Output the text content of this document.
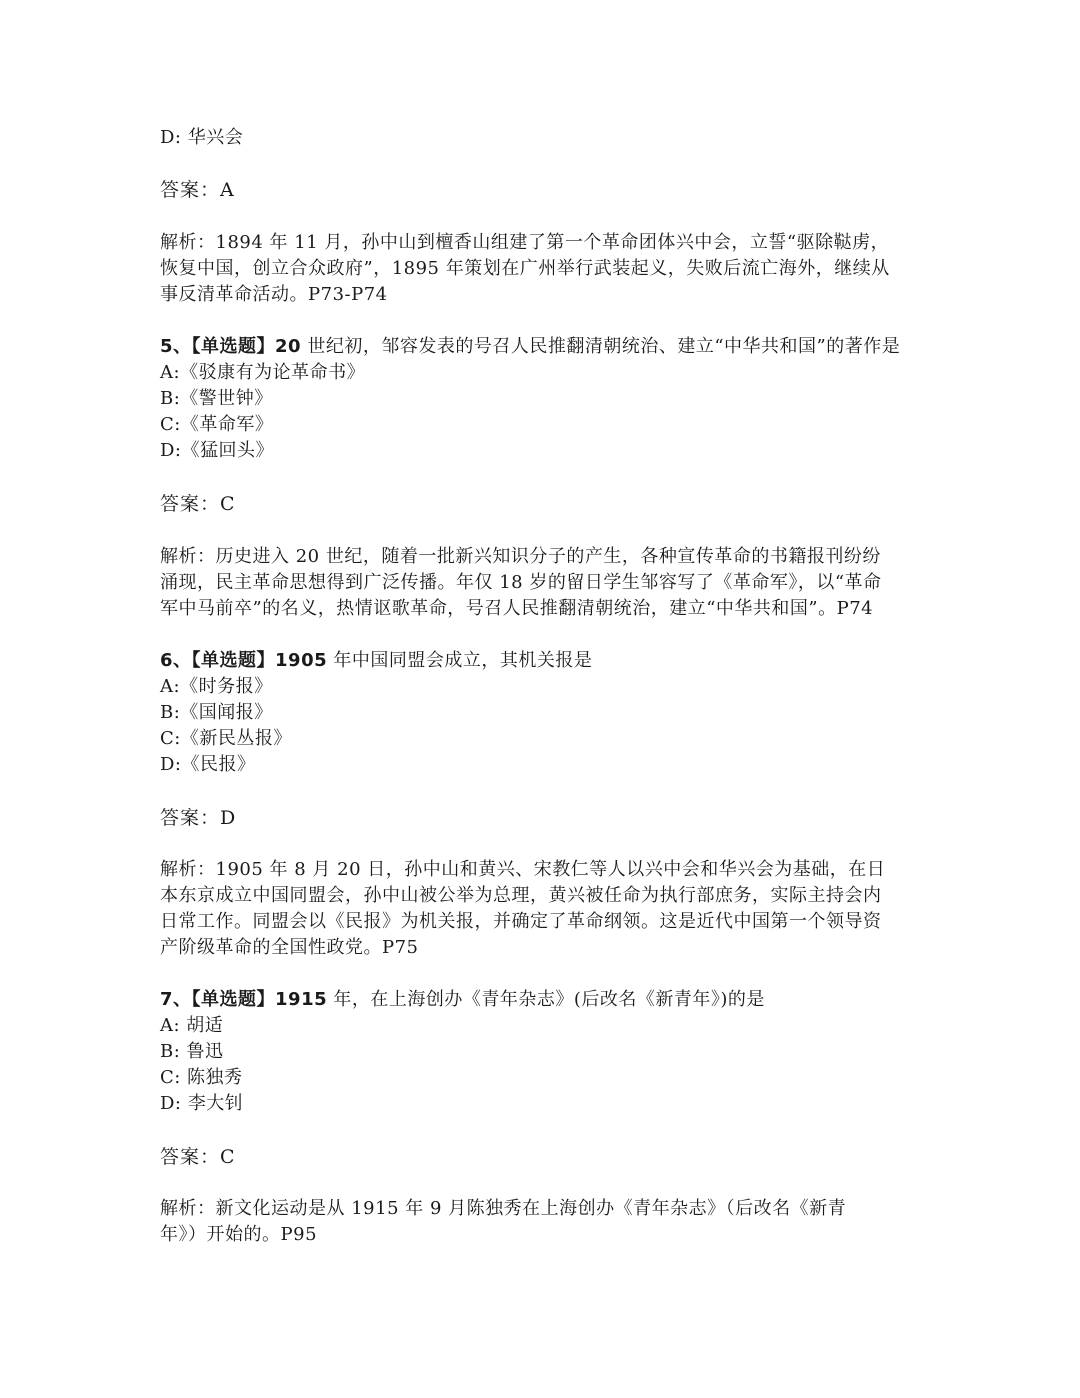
D: 华兴会
答案：A
解析：1894 年 11 月，孙中山到檀香山组建了第一个革命团体兴中会，立誓“驱除鞑虏，
恢复中国，创立合众政府”，1895 年策划在广州举行武装起义，失败后流亡海外，继续从
事反清革命活动。P73-P74
5、【单选题】20 世纪初，邹容发表的号召人民推翻清朝统治、建立“中华共和国”的著作是
A:《驳康有为论革命书》
B:《警世钟》
C:《革命军》
D:《猛回头》
答案：C
解析：历史进入 20 世纪，随着一批新兴知识分子的产生，各种宣传革命的书籍报刊纷纷
涌现，民主革命思想得到广泛传播。年仅 18 岁的留日学生邹容写了《革命军》，以“革命
军中马前卒”的名义，热情讴歌革命，号召人民推翻清朝统治，建立“中华共和国”。P74
6、【单选题】1905 年中国同盟会成立，其机关报是
A:《时务报》
B:《国闻报》
C:《新民丛报》
D:《民报》
答案：D
解析：1905 年 8 月 20 日，孙中山和黄兴、宋教仁等人以兴中会和华兴会为基础，在日
本东京成立中国同盟会，孙中山被公举为总理，黄兴被任命为执行部庶务，实际主持会内
日常工作。同盟会以《民报》为机关报，并确定了革命纲领。这是近代中国第一个领导资
产阶级革命的全国性政党。P75
7、【单选题】1915 年，在上海创办《青年杂志》(后改名《新青年》)的是
A: 胡适
B: 鲁迅
C: 陈独秀
D: 李大钊
答案：C
解析：新文化运动是从 1915 年 9 月陈独秀在上海创办《青年杂志》（后改名《新青
年》）开始的。P95
